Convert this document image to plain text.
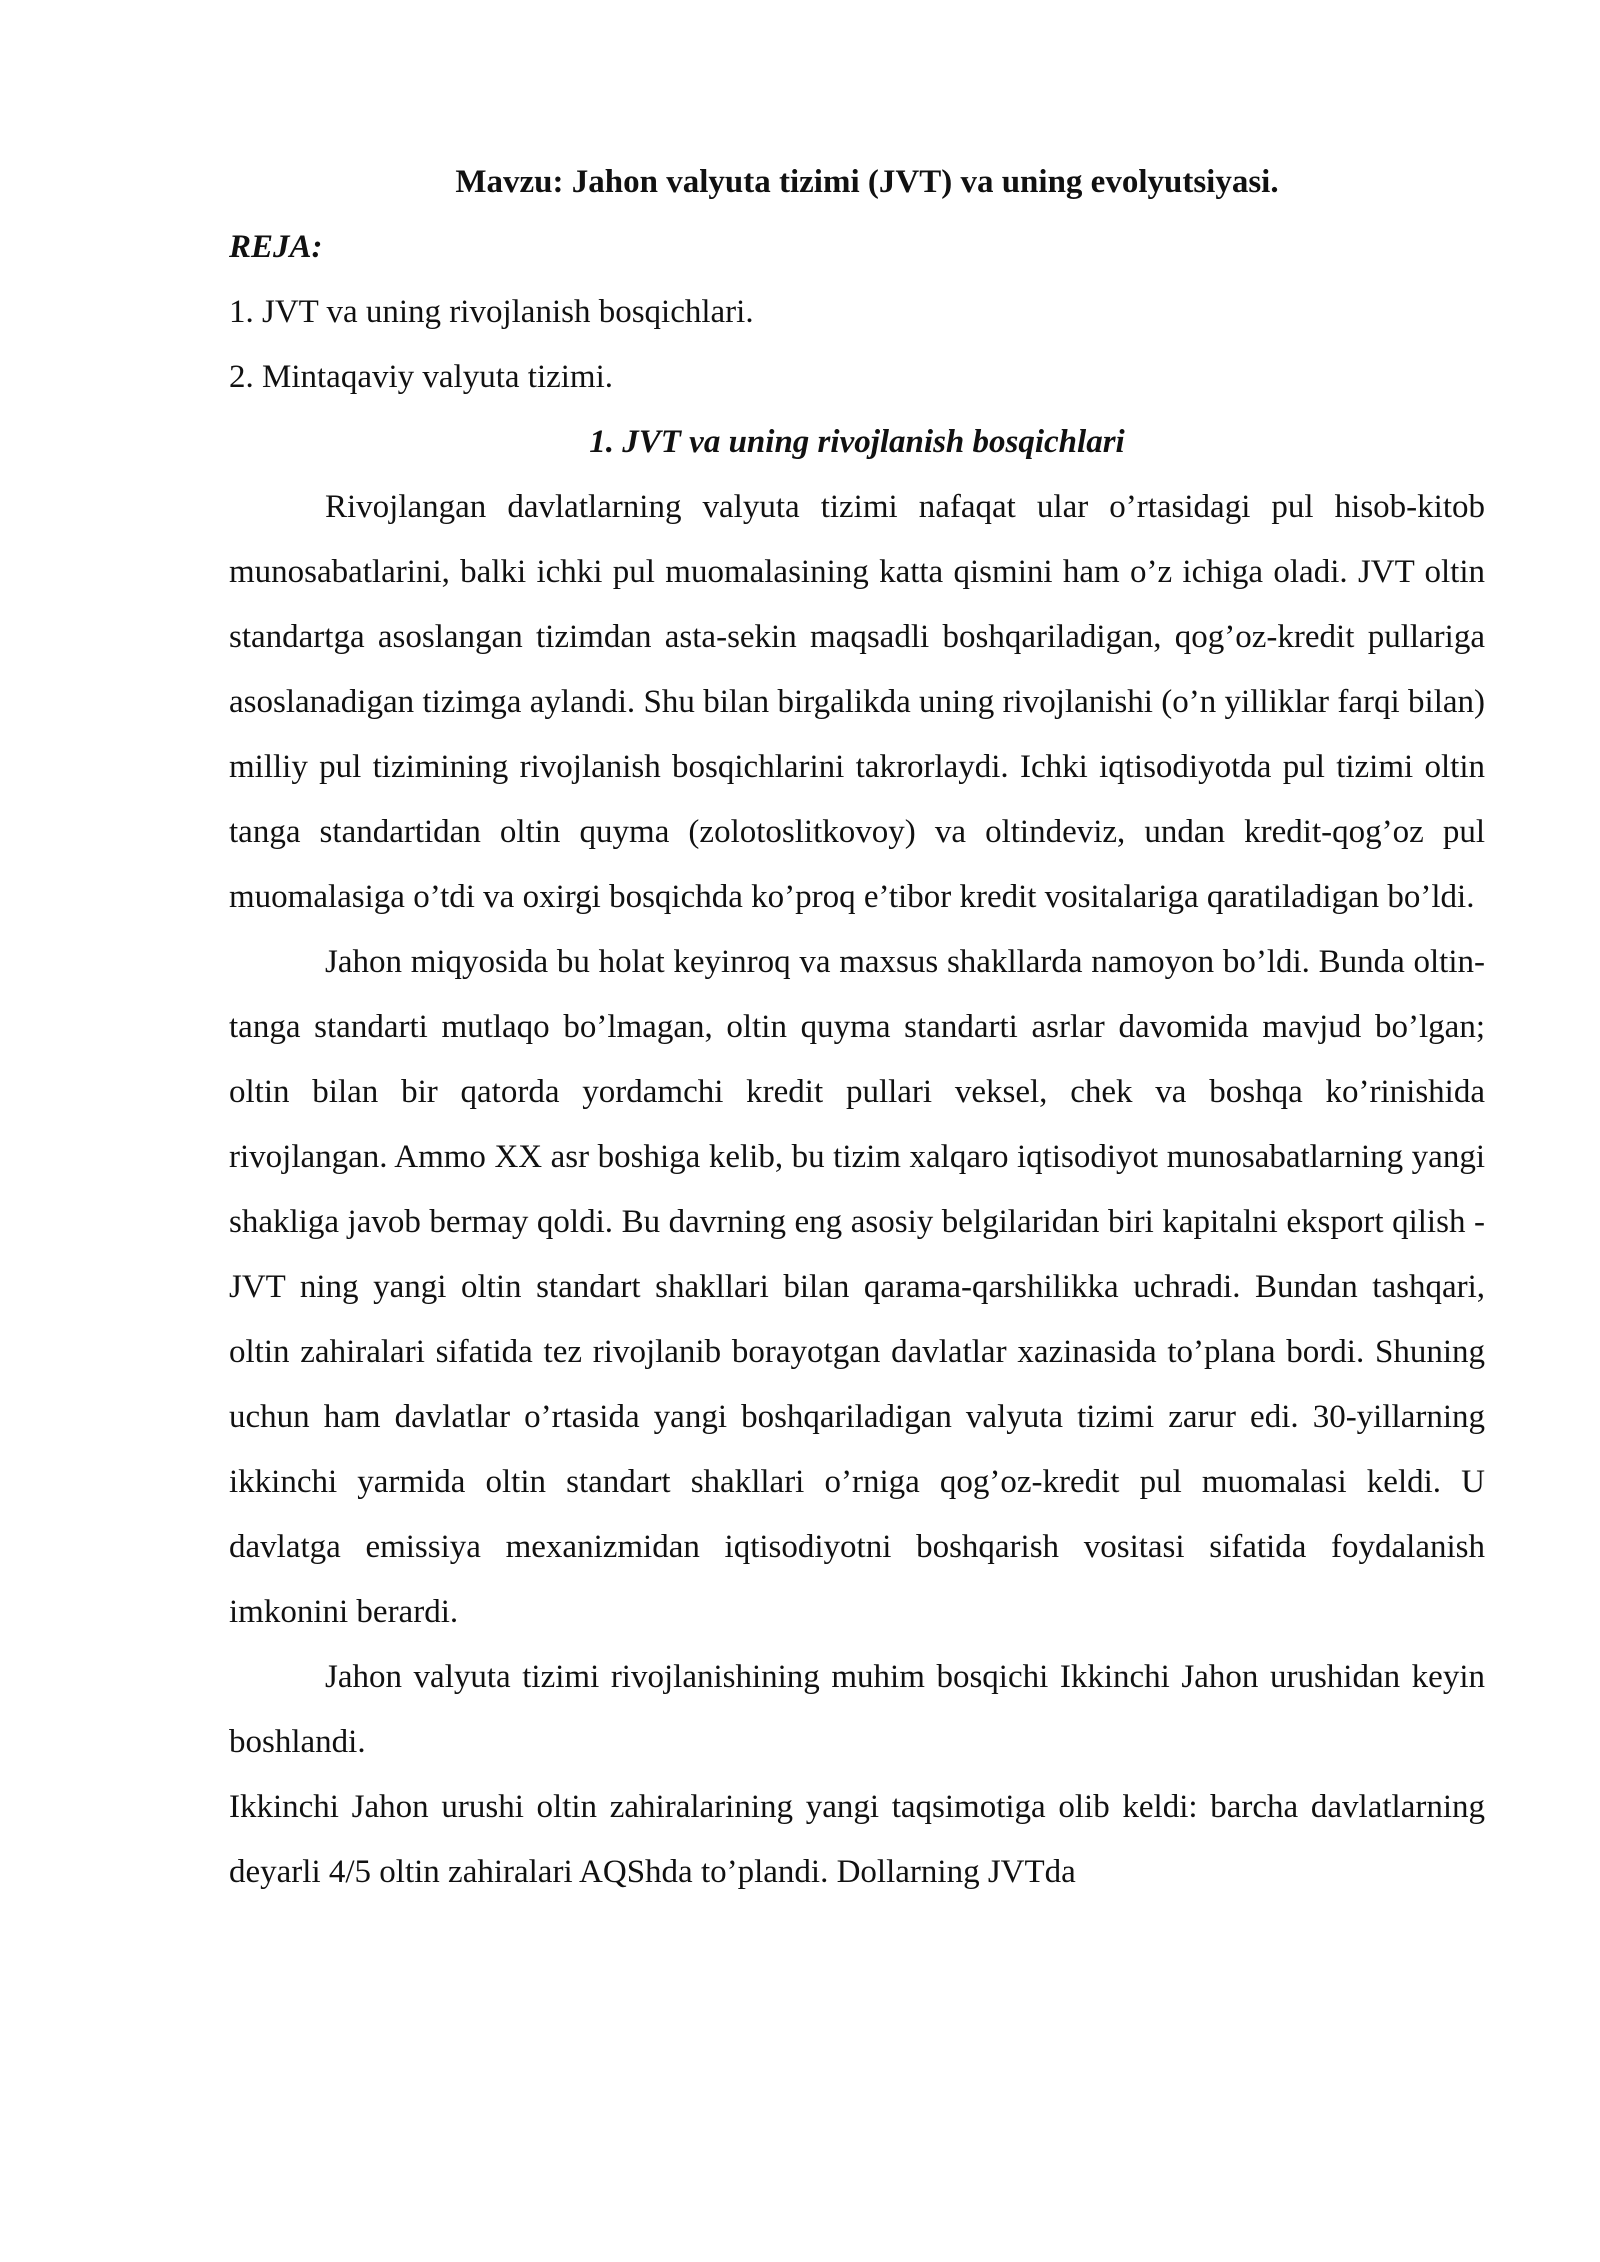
Mavzu: Jahon valyuta tizimi (JVT) va uning evolyutsiyasi.

REJA:

1. JVT va uning rivojlanish bosqichlari.

2. Mintaqaviy valyuta tizimi.

1. JVT va uning rivojlanish bosqichlari

Rivojlangan davlatlarning valyuta tizimi nafaqat ular o’rtasidagi pul hisob-kitob munosabatlarini, balki ichki pul muomalasining katta qismini ham o’z ichiga oladi. JVT oltin standartga asoslangan tizimdan asta-sekin maqsadli boshqariladigan, qog’oz-kredit pullariga asoslanadigan tizimga aylandi. Shu bilan birgalikda uning rivojlanishi (o’n yilliklar farqi bilan) milliy pul tizimining rivojlanish bosqichlarini takrorlaydi. Ichki iqtisodiyotda pul tizimi oltin tanga standartidan oltin quyma (zolotoslitkovoy) va oltindeviz, undan kredit-qog’oz pul muomalasiga o’tdi va oxirgi bosqichda ko’proq e’tibor kredit vositalariga qaratiladigan bo’ldi.

Jahon miqyosida bu holat keyinroq va maxsus shakllarda namoyon bo’ldi. Bunda oltin-tanga standarti mutlaqo bo’lmagan, oltin quyma standarti asrlar davomida mavjud bo’lgan; oltin bilan bir qatorda yordamchi kredit pullari veksel, chek va boshqa ko’rinishida rivojlangan. Ammo XX asr boshiga kelib, bu tizim xalqaro iqtisodiyot munosabatlarning yangi shakliga javob bermay qoldi. Bu davrning eng asosiy belgilaridan biri kapitalni eksport qilish - JVT ning yangi oltin standart shakllari bilan qarama-qarshilikka uchradi. Bundan tashqari, oltin zahiralari sifatida tez rivojlanib borayotgan davlatlar xazinasida to’plana bordi. Shuning uchun ham davlatlar o’rtasida yangi boshqariladigan valyuta tizimi zarur edi. 30-yillarning ikkinchi yarmida oltin standart shakllari o’rniga qog’oz-kredit pul muomalasi keldi. U davlatga emissiya mexanizmidan iqtisodiyotni boshqarish vositasi sifatida foydalanish imkonini berardi.

Jahon valyuta tizimi rivojlanishining muhim bosqichi Ikkinchi Jahon urushidan keyin boshlandi.

Ikkinchi Jahon urushi oltin zahiralarining yangi taqsimotiga olib keldi: barcha davlatlarning deyarli 4/5 oltin zahiralari AQShda to’plandi. Dollarning JVTda
